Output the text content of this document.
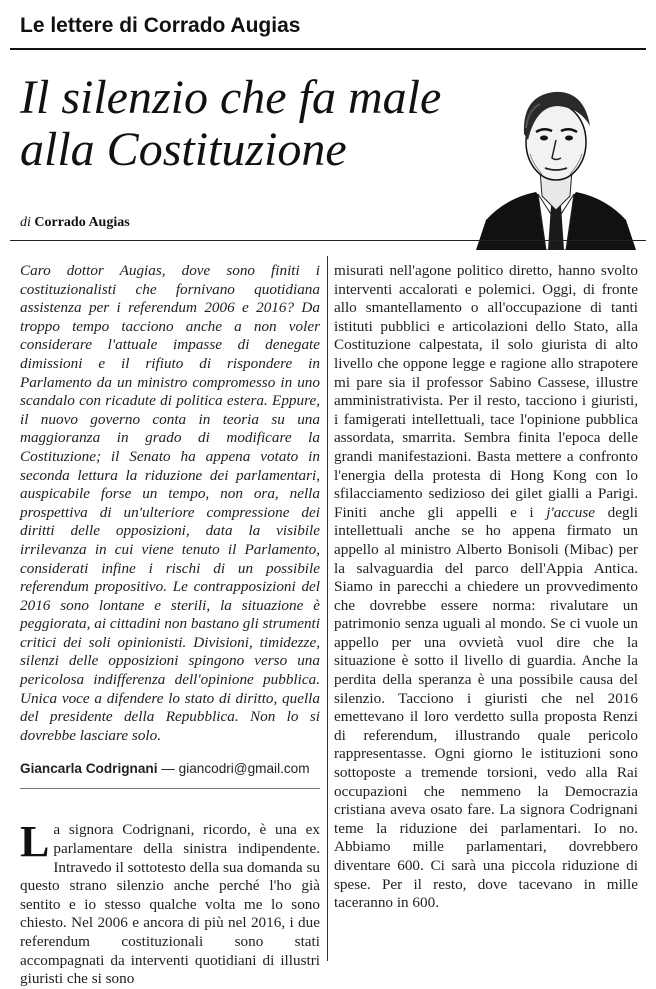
Le lettere di Corrado Augias
Il silenzio che fa male alla Costituzione
di Corrado Augias

Caro dottor Augias, dove sono finiti i costituzionalisti che fornivano quotidiana assistenza per i referendum 2006 e 2016? Da troppo tempo tacciono anche a non voler considerare l'attuale impasse di denegate dimissioni e il rifiuto di rispondere in Parlamento da un ministro compromesso in uno scandalo con ricadute di politica estera. Eppure, il nuovo governo conta in teoria su una maggioranza in grado di modificare la Costituzione; il Senato ha appena votato in seconda lettura la riduzione dei parlamentari, auspicabile forse un tempo, non ora, nella prospettiva di un'ulteriore compressione dei diritti delle opposizioni, data la visibile irrilevanza in cui viene tenuto il Parlamento, considerati infine i rischi di un possibile referendum propositivo. Le contrapposizioni del 2016 sono lontane e sterili, la situazione è peggiorata, ai cittadini non bastano gli strumenti critici dei soli opinionisti. Divisioni, timidezze, silenzi delle opposizioni spingono verso una pericolosa indifferenza dell'opinione pubblica. Unica voce a difendere lo stato di diritto, quella del presidente della Repubblica. Non lo si dovrebbe lasciare solo.

Giancarla Codrignani — giancodri@gmail.com

L a signora Codrignani, ricordo, è una ex parlamentare della sinistra indipendente. Intravedo il sottotesto della sua domanda su questo strano silenzio anche perché l'ho già sentito e io stesso qualche volta me lo sono chiesto. Nel 2006 e ancora di più nel 2016, i due referendum costituzionali sono stati accompagnati da interventi quotidiani di illustri giuristi che si sono

misurati nell'agone politico diretto, hanno svolto interventi accalorati e polemici. Oggi, di fronte allo smantellamento o all'occupazione di tanti istituti pubblici e articolazioni dello Stato, alla Costituzione calpestata, il solo giurista di alto livello che oppone legge e ragione allo strapotere mi pare sia il professor Sabino Cassese, illustre amministrativista. Per il resto, tacciono i giuristi, i famigerati intellettuali, tace l'opinione pubblica assordata, smarrita. Sembra finita l'epoca delle grandi manifestazioni. Basta mettere a confronto l'energia della protesta di Hong Kong con lo sfilacciamento sedizioso dei gilet gialli a Parigi. Finiti anche gli appelli e i j'accuse degli intellettuali anche se ho appena firmato un appello al ministro Alberto Bonisoli (Mibac) per la salvaguardia del parco dell'Appia Antica. Siamo in parecchi a chiedere un provvedimento che dovrebbe essere norma: rivalutare un patrimonio senza uguali al mondo. Se ci vuole un appello per una ovvietà vuol dire che la situazione è sotto il livello di guardia. Anche la perdita della speranza è una possibile causa del silenzio. Tacciono i giuristi che nel 2016 emettevano il loro verdetto sulla proposta Renzi di referendum, illustrando quale pericolo rappresentasse. Ogni giorno le istituzioni sono sottoposte a tremende torsioni, vedo alla Rai occupazioni che nemmeno la Democrazia cristiana aveva osato fare. La signora Codrignani teme la riduzione dei parlamentari. Io no. Abbiamo mille parlamentari, dovrebbero diventare 600. Ci sarà una piccola riduzione di spese. Per il resto, dove tacevano in mille taceranno in 600.
